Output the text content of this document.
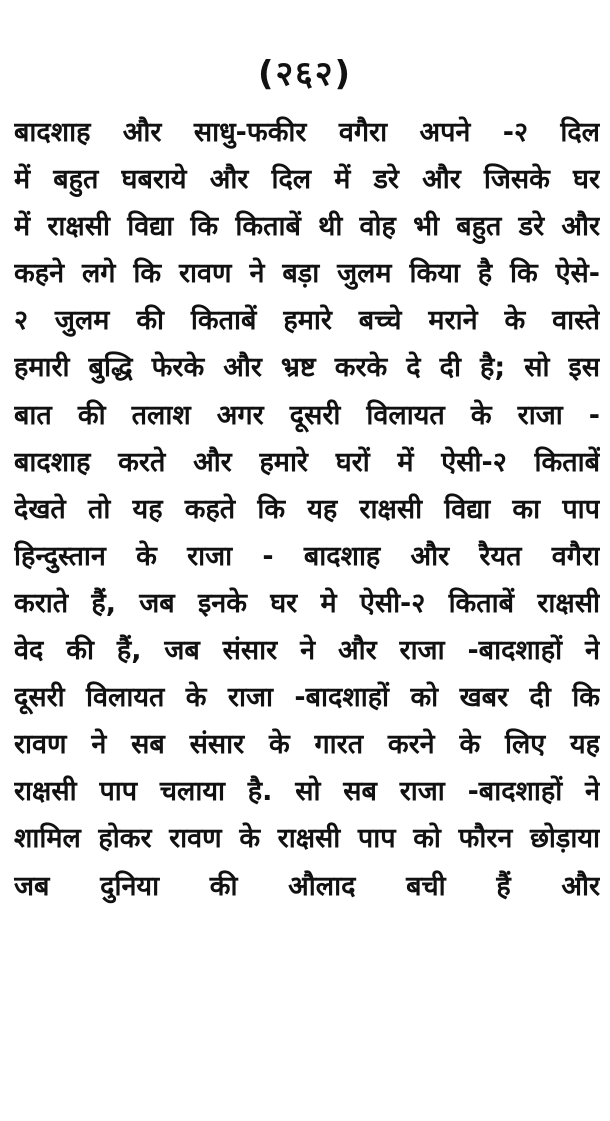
(२६२)
बादशाह और साधु-फकीर वगैरा अपने -२ दिल
में बहुत घबराये और दिल में डरे और जिसके घर
में राक्षसी विद्या कि किताबें थी वोह भी बहुत डरे और
कहने लगे कि रावण ने बड़ा जुलम किया है कि ऐसे-
२ जुलम की किताबें हमारे बच्चे मराने के वास्ते
हमारी बुद्धि फेरके और भ्रष्ट करके दे दी है; सो इस
बात की तलाश अगर दूसरी विलायत के राजा -
बादशाह करते और हमारे घरों में ऐसी-२ किताबें
देखते तो यह कहते कि यह राक्षसी विद्या का पाप
हिन्दुस्तान के राजा - बादशाह और रैयत वगैरा
कराते हैं, जब इनके घर मे ऐसी-२ किताबें राक्षसी
वेद की हैं, जब संसार ने और राजा -बादशाहों ने
दूसरी विलायत के राजा -बादशाहों को खबर दी कि
रावण ने सब संसार के गारत करने के लिए यह
राक्षसी पाप चलाया है. सो सब राजा -बादशाहों ने
शामिल होकर रावण के राक्षसी पाप को फौरन छोड़ाया
जब दुनिया की औलाद बची हैं और
